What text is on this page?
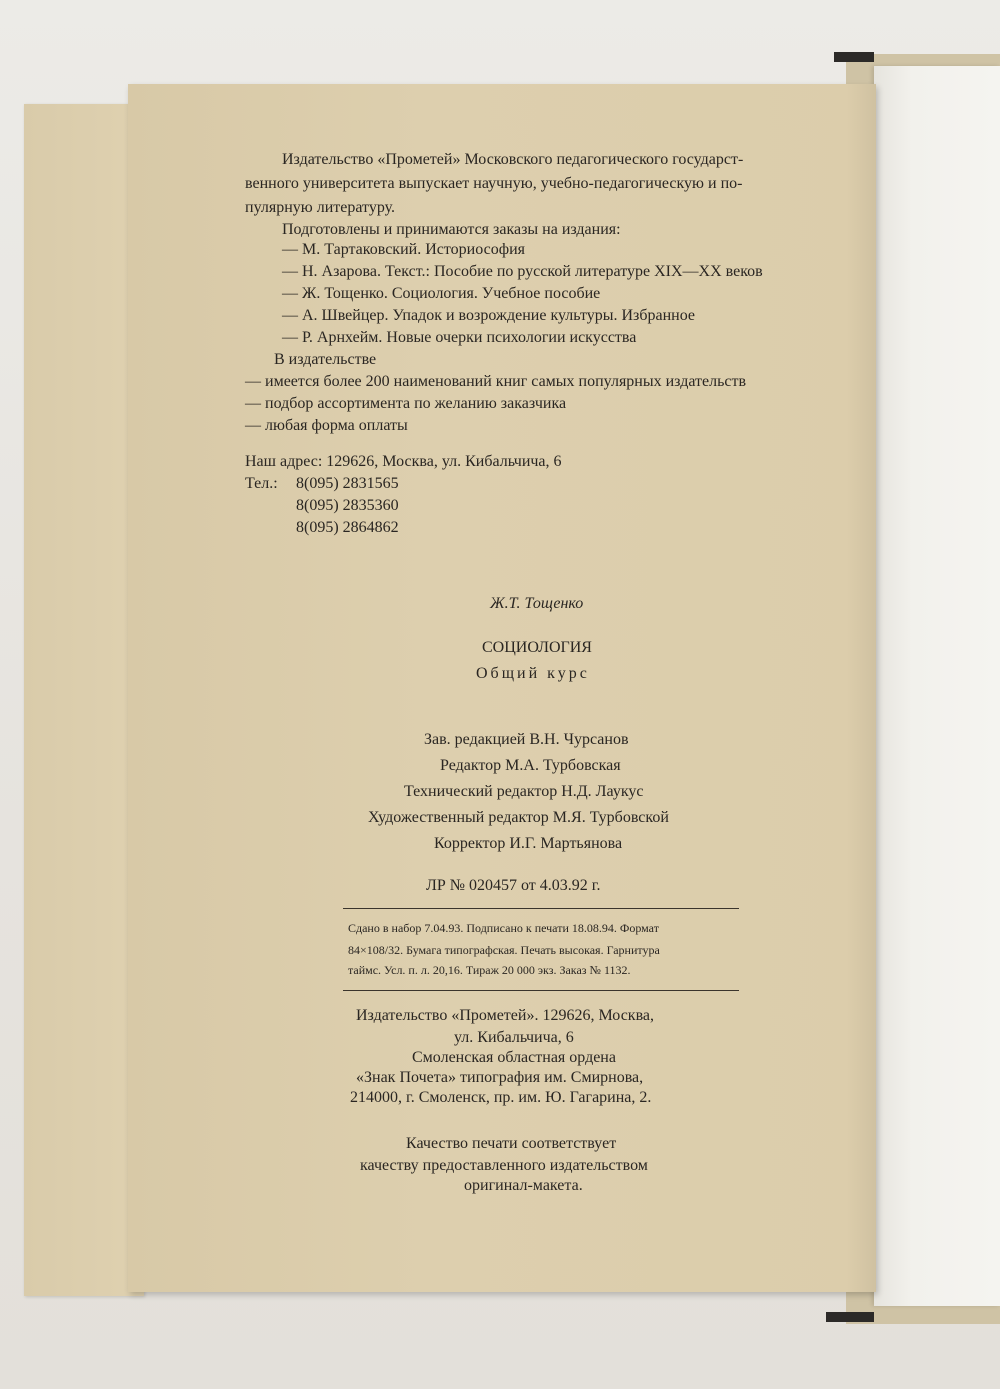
Издательство «Прометей» Московского педагогического государст-
венного университета выпускает научную, учебно-педагогическую и по-
пулярную литературу.
Подготовлены и принимаются заказы на издания:
— М. Тартаковский. Историософия
— Н. Азарова. Текст.: Пособие по русской литературе XIX—XX веков
— Ж. Тощенко. Социология. Учебное пособие
— А. Швейцер. Упадок и возрождение культуры. Избранное
— Р. Арнхейм. Новые очерки психологии искусства
В издательстве
— имеется более 200 наименований книг самых популярных издательств
— подбор ассортимента по желанию заказчика
— любая форма оплаты
Наш адрес: 129626, Москва, ул. Кибальчича, 6
Тел.: 8(095) 2831565
8(095) 2835360
8(095) 2864862
Ж.Т. Тощенко
СОЦИОЛОГИЯ
Общий курс
Зав. редакцией В.Н. Чурсанов
Редактор М.А. Турбовская
Технический редактор Н.Д. Лаукус
Художественный редактор М.Я. Турбовской
Корректор И.Г. Мартьянова
ЛР № 020457 от 4.03.92 г.
Сдано в набор 7.04.93. Подписано к печати 18.08.94. Формат
84×108/32. Бумага типографская. Печать высокая. Гарнитура
таймс. Усл. п. л. 20,16. Тираж 20 000 экз. Заказ № 1132.
Издательство «Прометей». 129626, Москва,
ул. Кибальчича, 6
Смоленская областная ордена
«Знак Почета» типография им. Смирнова,
214000, г. Смоленск, пр. им. Ю. Гагарина, 2.
Качество печати соответствует
качеству предоставленного издательством
оригинал-макета.
